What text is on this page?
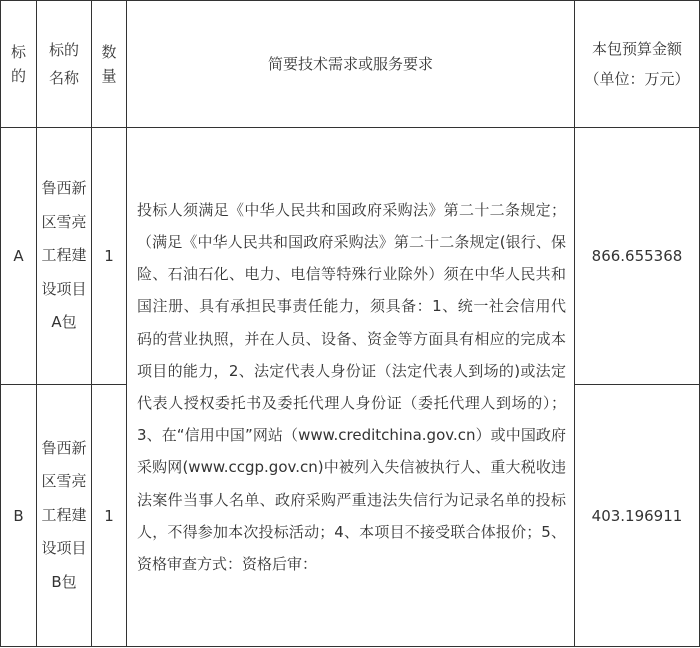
标的	标的名称	数量	简要技术需求或服务要求	本包预算金额（单位：万元）
A	鲁西新区雪亮工程建设项目A包	1	投标人须满足《中华人民共和国政府采购法》第二十二条规定；（满足《中华人民共和国政府采购法》第二十二条规定(银行、保险、石油石化、电力、电信等特殊行业除外）须在中华人民共和国注册、具有承担民事责任能力，须具备：1、统一社会信用代码的营业执照，并在人员、设备、资金等方面具有相应的完成本项目的能力，2、法定代表人身份证（法定代表人到场的)或法定代表人授权委托书及委托代理人身份证（委托代理人到场的）；3、在“信用中国”网站（www.creditchina.gov.cn）或中国政府采购网(www.ccgp.gov.cn)中被列入失信被执行人、重大税收违法案件当事人名单、政府采购严重违法失信行为记录名单的投标人，不得参加本次投标活动；4、本项目不接受联合体报价；5、资格审查方式：资格后审：	866.655368
B	鲁西新区雪亮工程建设项目B包	1		403.196911
